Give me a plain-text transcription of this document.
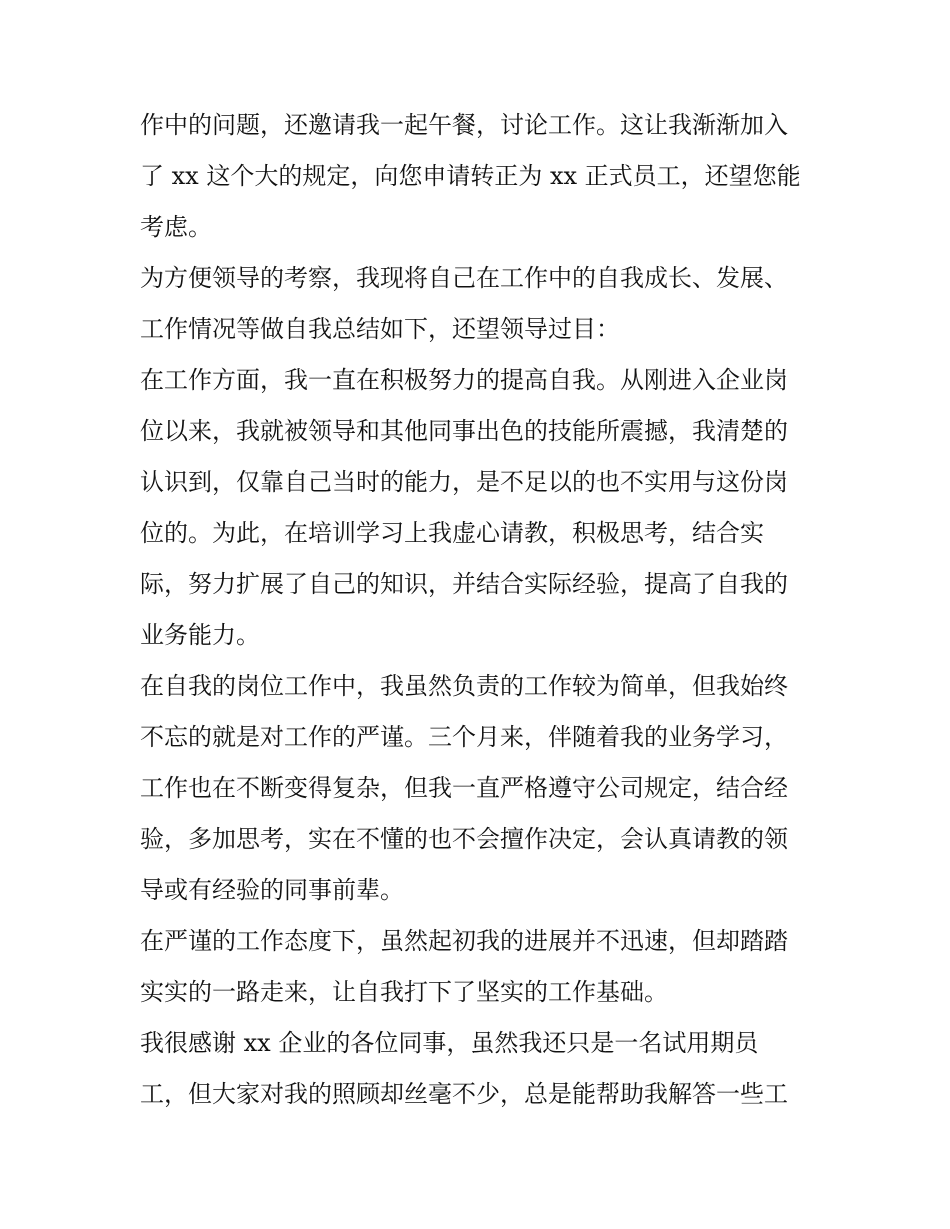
作中的问题，还邀请我一起午餐，讨论工作。这让我渐渐加入
了 xx 这个大的规定，向您申请转正为 xx 正式员工，还望您能
考虑。
为方便领导的考察，我现将自己在工作中的自我成长、发展、
工作情况等做自我总结如下，还望领导过目：
在工作方面，我一直在积极努力的提高自我。从刚进入企业岗
位以来，我就被领导和其他同事出色的技能所震撼，我清楚的
认识到，仅靠自己当时的能力，是不足以的也不实用与这份岗
位的。为此，在培训学习上我虚心请教，积极思考，结合实
际，努力扩展了自己的知识，并结合实际经验，提高了自我的
业务能力。
在自我的岗位工作中，我虽然负责的工作较为简单，但我始终
不忘的就是对工作的严谨。三个月来，伴随着我的业务学习，
工作也在不断变得复杂，但我一直严格遵守公司规定，结合经
验，多加思考，实在不懂的也不会擅作决定，会认真请教的领
导或有经验的同事前辈。
在严谨的工作态度下，虽然起初我的进展并不迅速，但却踏踏
实实的一路走来，让自我打下了坚实的工作基础。
我很感谢 xx 企业的各位同事，虽然我还只是一名试用期员
工，但大家对我的照顾却丝毫不少，总是能帮助我解答一些工
